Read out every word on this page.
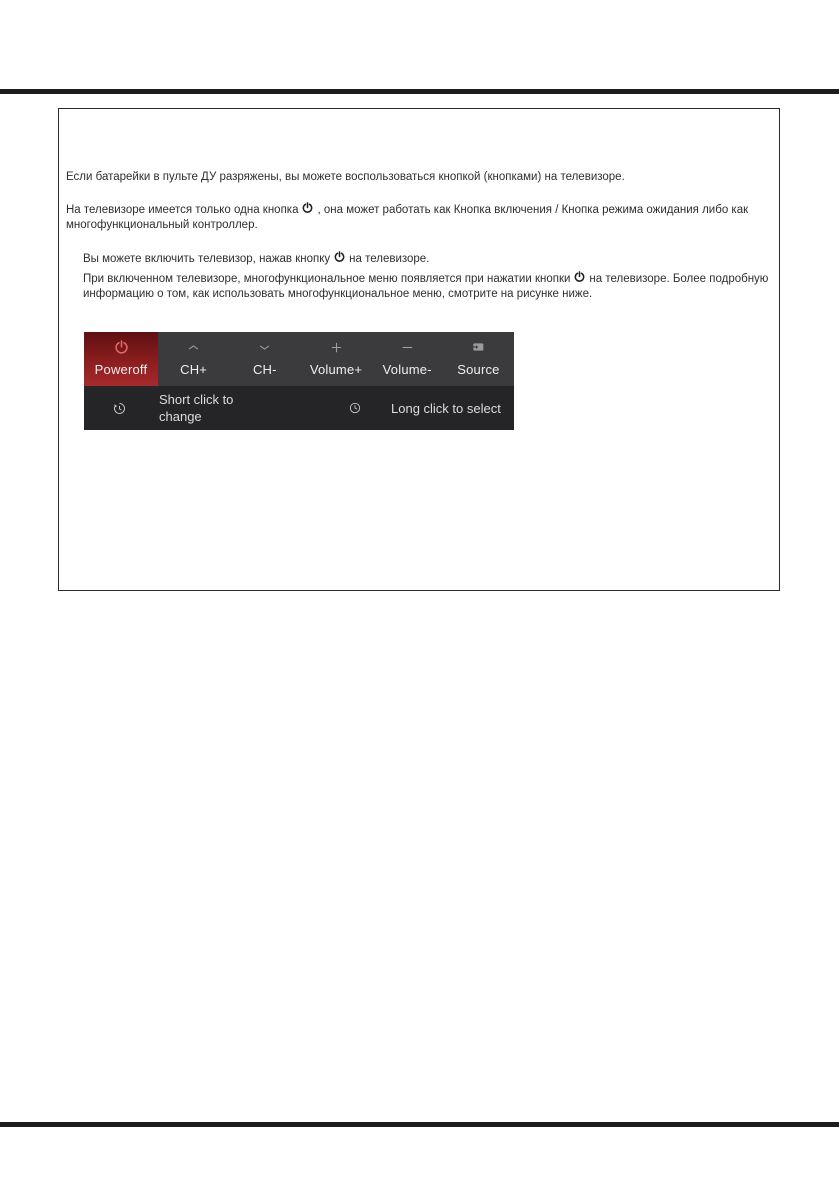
Если батарейки в пульте ДУ разряжены, вы можете воспользоваться кнопкой (кнопками) на телевизоре.

На телевизоре имеется только одна кнопка , она может работать как Кнопка включения / Кнопка режима ожидания либо как многофункциональный контроллер.

Вы можете включить телевизор, нажав кнопку на телевизоре.

При включенном телевизоре, многофункциональное меню появляется при нажатии кнопки на телевизоре. Более подробную информацию о том, как использовать многофункциональное меню, смотрите на рисунке ниже.

Poweroff	CH+	CH-	Volume+ Volume- Source
Short click to change
Long click to select
